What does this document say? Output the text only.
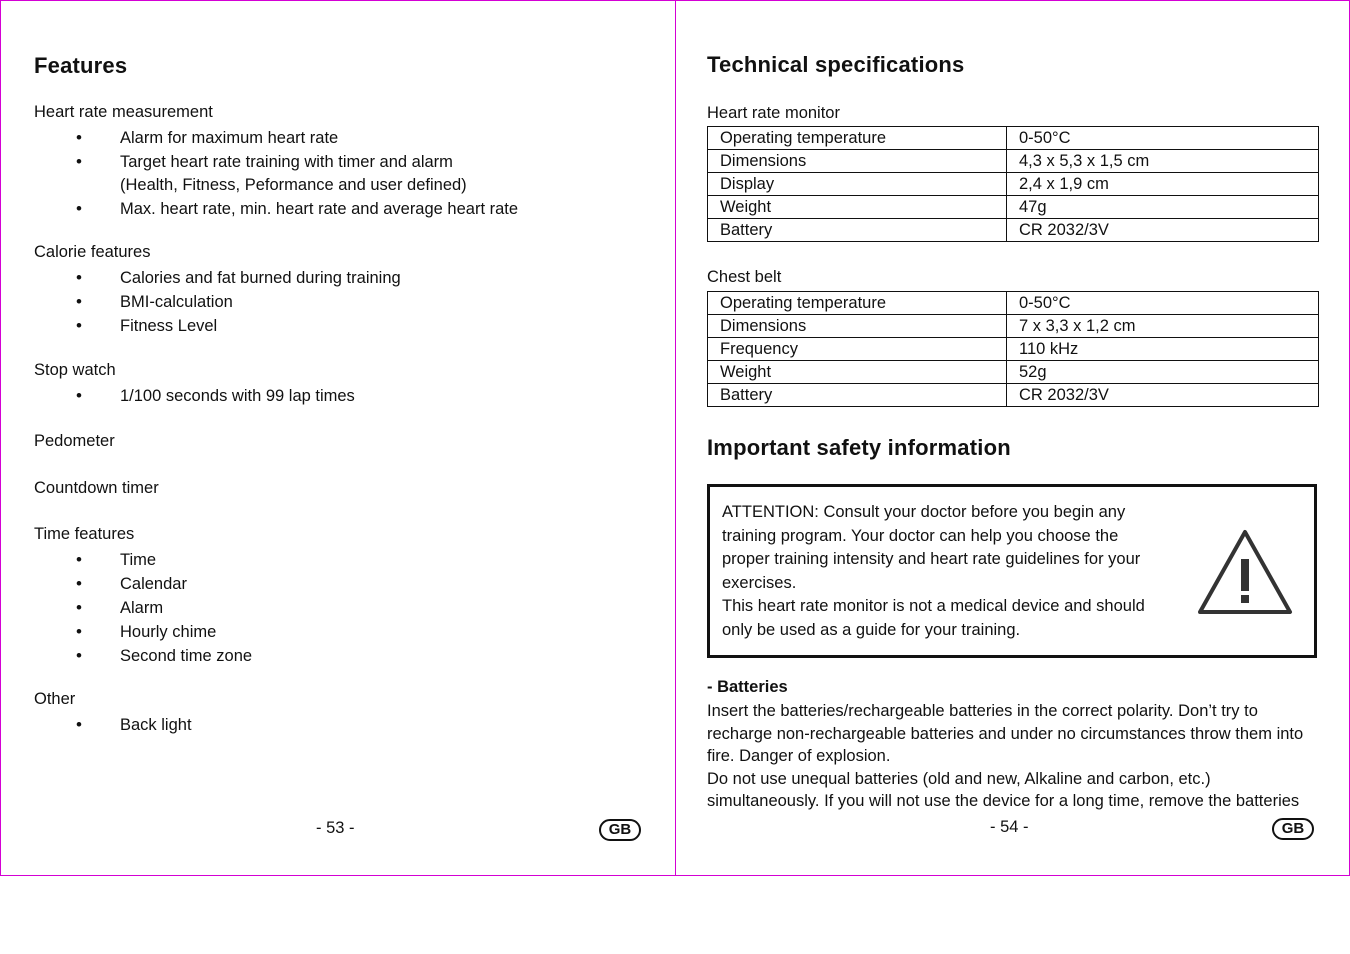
Features

Heart rate measurement

• Alarm for maximum heart rate
• Target heart rate training with timer and alarm
(Health, Fitness, Peformance and user defined)
• Max. heart rate, min. heart rate and average heart rate

Calorie features

• Calories and fat burned during training
• BMI-calculation
• Fitness Level

Stop watch

• 1/100 seconds with 99 lap times

Pedometer

Countdown timer

Time features

• Time
• Calendar
• Alarm
• Hourly chime
• Second time zone

Other

• Back light
- 53 -	GB
Technical specifications

Heart rate monitor

Operating temperature	0-50°C
Dimensions	4,3 x 5,3 x 1,5 cm
Display	2,4 x 1,9 cm
Weight	47g
Battery	CR 2032/3V

Chest belt

Operating temperature	0-50°C
Dimensions	7 x 3,3 x 1,2 cm
Frequency	110 kHz
Weight	52g
Battery	CR 2032/3V
Important safety information

ATTENTION: Consult your doctor before you begin any
training program. Your doctor can help you choose the
proper training intensity and heart rate guidelines for your
exercises.
This heart rate monitor is not a medical device and should
only be used as a guide for your training.

- Batteries

Insert the batteries/rechargeable batteries in the correct polarity. Don’t try to
recharge non-rechargeable batteries and under no circumstances throw them into
fire. Danger of explosion.
Do not use unequal batteries (old and new, Alkaline and carbon, etc.)
simultaneously. If you will not use the device for a long time, remove the batteries

- 54 -	GB
